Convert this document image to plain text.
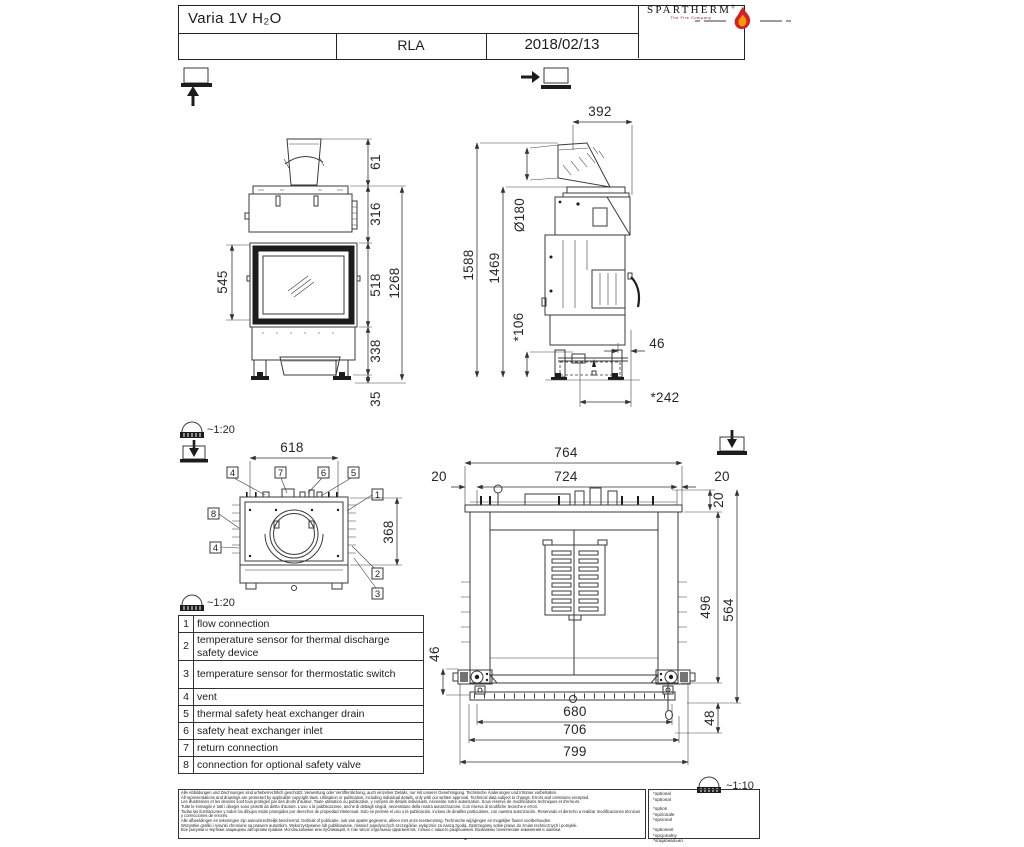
Varia 1V H₂O
RLA	2018/02/13
SPARTHERM®
The Fire Company
61
316
518
338
35
1268
545
392
46
*242
Ø180
1588 1469
*106
~1:20
618
368
4	7	6	5
1
8
4
2
3
~1:20
764
724
20	20
20
46
680
706
799
496 564
48
~1:10
1	flow connection
2	temperature sensor for thermal discharge safety device
3	temperature sensor for thermostatic switch
4	vent
5	thermal safety heat exchanger drain
6	safety heat exchanger inlet
7	return connection
8	connection for optional safety valve
Alle Abbildungen und Zeichnungen sind urheberrechtlich geschützt. Verwertung oder Veröffentlichung, auch einzelner Details, nur mit unserer Genehmigung. Technische Änderungen und Irrtümer vorbehalten.
All representations and drawings are protected by applicable copyright laws. Utilisation or publication, including individual details, only with our written approval. Technical data subject to change. Errors and omissions excepted.
Les illustrations et les dessins sont tous protégés par des droits d'auteur. Toute utilisation ou publication, y compris de détails individuels, nécessite notre autorisation. Sous réserve de modifications techniques et d'erreurs.
Tutte le immagini e tutti i disegni sono protetti da diritto d'autore. L'uso o la pubblicazione, anche di dettagli singoli, necessitano della nostra autorizzazione. Con riserva di modifiche tecniche e errori.
Todas las ilustraciones y todos los dibujos están protegidos por derechos de propiedad intelectual. Solo se permite el uso o la publicación, incluso de detalles particulares, con nuestra autorización. Reservado el derecho a realizar modificaciones técnicas y correcciones de errores.
Alle afbeeldingen en tekeningen zijn auteursrechtelijk beschermd. Gebruik of publicatie, ook van aparte gegevens, alleen met onze toestemming. Technische wijzigingen en mogelijke fouten voorbehouden.
Wszystkie grafiki i rysunki chronione są prawem autorskim. Wykorzystywanie lub publikowanie, również pojedynczych szczegółów, wyłącznie za naszą zgodą. Zastrzegamy sobie prawo do zmian technicznych i pomyłek.
Все рисунки и чертежи защищены авторским правом. Использование или публикация, в том числе отдельных фрагментов, только с нашего разрешения. Возможны технические изменения и ошибки.
*optional
*optional
*option
*opzionale
*opcional
*optioneel
*opcjonalny
*опционально
-
